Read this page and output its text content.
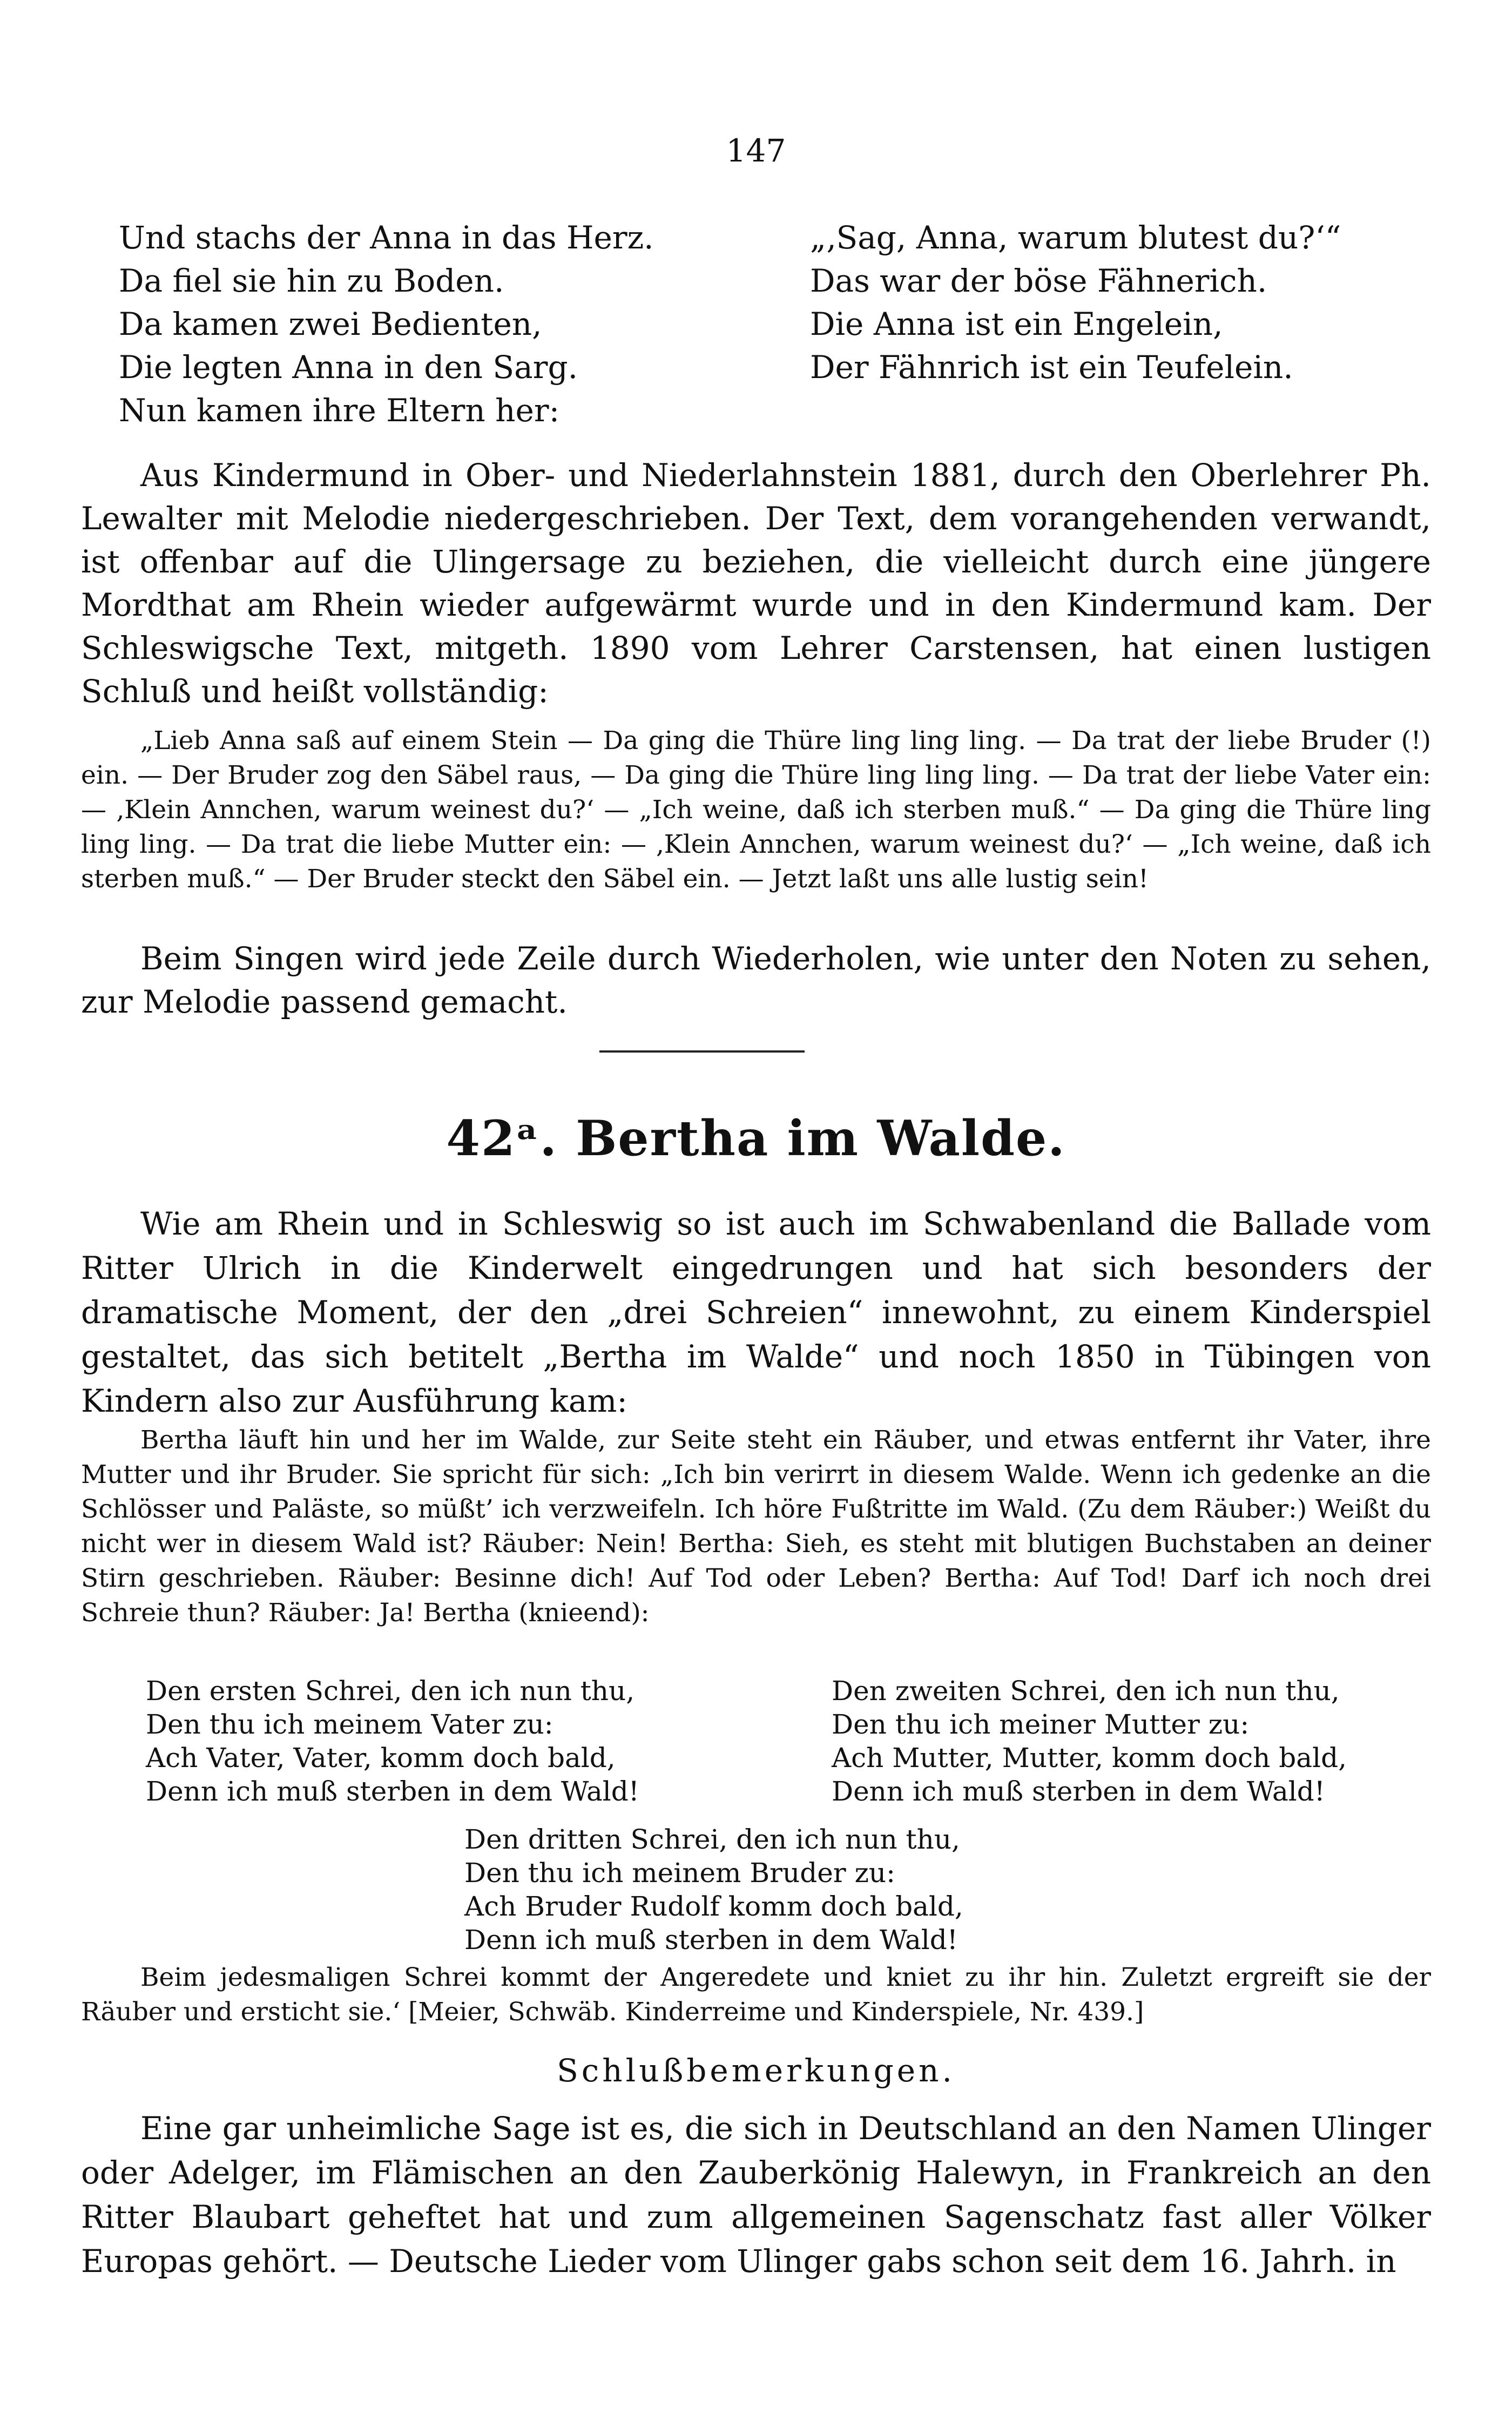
147
Und stachs der Anna in das Herz.
Da fiel sie hin zu Boden.
Da kamen zwei Bedienten,
Die legten Anna in den Sarg.
Nun kamen ihre Eltern her:
„‚Sag, Anna, warum blutest du?‘“
Das war der böse Fähnerich.
Die Anna ist ein Engelein,
Der Fähnrich ist ein Teufelein.
Aus Kindermund in Ober- und Niederlahnstein 1881, durch den Oberlehrer Ph. Lewalter mit Melodie niedergeschrieben. Der Text, dem vorangehenden verwandt, ist offenbar auf die Ulingersage zu beziehen, die vielleicht durch eine jüngere Mordthat am Rhein wieder aufgewärmt wurde und in den Kindermund kam. Der Schleswigsche Text, mitgeth. 1890 vom Lehrer Carstensen, hat einen lustigen Schluß und heißt vollständig:
„Lieb Anna saß auf einem Stein — Da ging die Thüre ling ling ling. — Da trat der liebe Bruder (!) ein. — Der Bruder zog den Säbel raus, — Da ging die Thüre ling ling ling. — Da trat der liebe Vater ein: — ‚Klein Annchen, warum weinest du?‘ — „Ich weine, daß ich sterben muß.“ — Da ging die Thüre ling ling ling. — Da trat die liebe Mutter ein: — ‚Klein Annchen, warum weinest du?‘ — „Ich weine, daß ich sterben muß.“ — Der Bruder steckt den Säbel ein. — Jetzt laßt uns alle lustig sein!
Beim Singen wird jede Zeile durch Wiederholen, wie unter den Noten zu sehen, zur Melodie passend gemacht.
42ᵃ. Bertha im Walde.
Wie am Rhein und in Schleswig so ist auch im Schwabenland die Ballade vom Ritter Ulrich in die Kinderwelt eingedrungen und hat sich besonders der dramatische Moment, der den „drei Schreien“ innewohnt, zu einem Kinderspiel gestaltet, das sich betitelt „Bertha im Walde“ und noch 1850 in Tübingen von Kindern also zur Ausführung kam:
Bertha läuft hin und her im Walde, zur Seite steht ein Räuber, und etwas entfernt ihr Vater, ihre Mutter und ihr Bruder. Sie spricht für sich: „Ich bin verirrt in diesem Walde. Wenn ich gedenke an die Schlösser und Paläste, so müßt’ ich verzweifeln. Ich höre Fußtritte im Wald. (Zu dem Räuber:) Weißt du nicht wer in diesem Wald ist? Räuber: Nein! Bertha: Sieh, es steht mit blutigen Buchstaben an deiner Stirn geschrieben. Räuber: Besinne dich! Auf Tod oder Leben? Bertha: Auf Tod! Darf ich noch drei Schreie thun? Räuber: Ja! Bertha (knieend):
Den ersten Schrei, den ich nun thu,
Den thu ich meinem Vater zu:
Ach Vater, Vater, komm doch bald,
Denn ich muß sterben in dem Wald!
Den zweiten Schrei, den ich nun thu,
Den thu ich meiner Mutter zu:
Ach Mutter, Mutter, komm doch bald,
Denn ich muß sterben in dem Wald!
Den dritten Schrei, den ich nun thu,
Den thu ich meinem Bruder zu:
Ach Bruder Rudolf komm doch bald,
Denn ich muß sterben in dem Wald!
Beim jedesmaligen Schrei kommt der Angeredete und kniet zu ihr hin. Zuletzt ergreift sie der Räuber und ersticht sie.‘ [Meier, Schwäb. Kinderreime und Kinderspiele, Nr. 439.]
Schlußbemerkungen.
Eine gar unheimliche Sage ist es, die sich in Deutschland an den Namen Ulinger oder Adelger, im Flämischen an den Zauberkönig Halewyn, in Frankreich an den Ritter Blaubart geheftet hat und zum allgemeinen Sagenschatz fast aller Völker Europas gehört. — Deutsche Lieder vom Ulinger gabs schon seit dem 16. Jahrh. in
